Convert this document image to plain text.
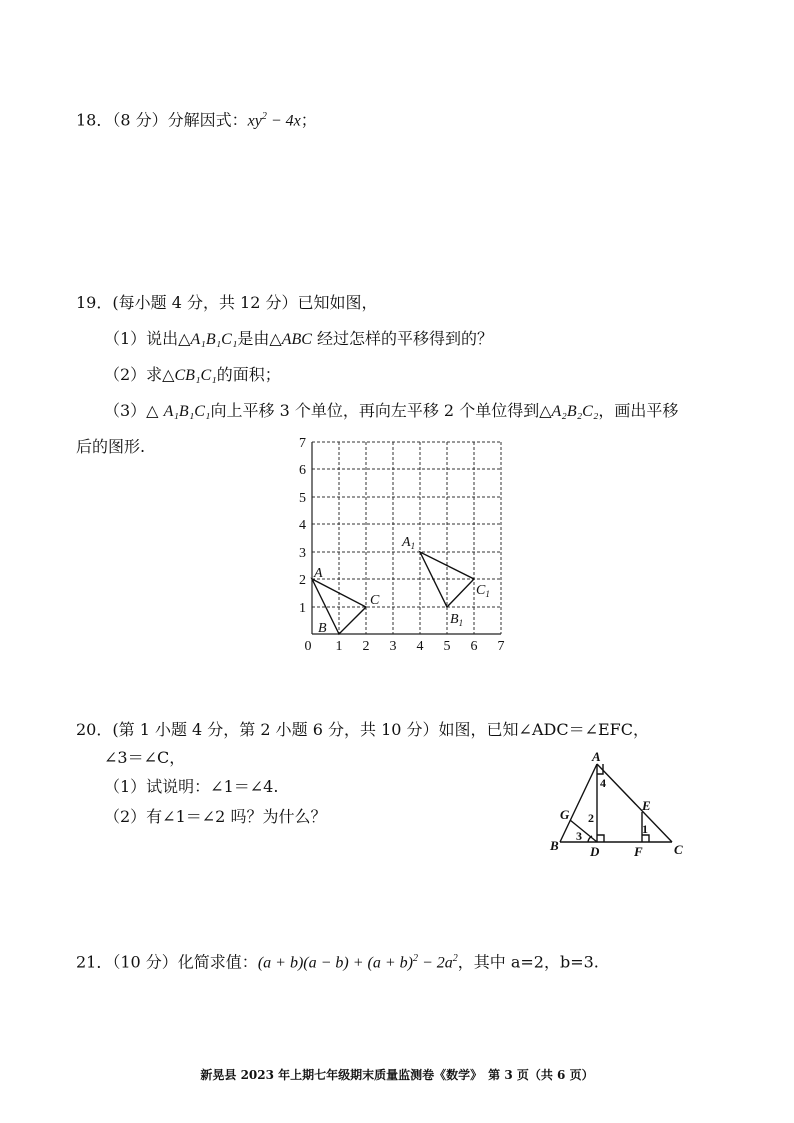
18．（8 分）分解因式：$xy^2 - 4x$；
19．(每小题 4 分，共 12 分）已知如图，
（1）说出△A₁B₁C₁是由△ABC 经过怎样的平移得到的？
（2）求△CB₁C₁的面积；
（3）△ A₁B₁C₁向上平移 3 个单位，再向左平移 2 个单位得到△A₂B₂C₂，画出平移
后的图形.
0 1 2 3 4 5 6 7
1
2
3
4
5
6
7
A
B
C
$A_1$
$B_1$
$C_1$
20．(第 1 小题 4 分，第 2 小题 6 分，共 10 分）如图，已知∠ADC＝∠EFC，
∠3＝∠C，
（1）试说明：∠1＝∠4.
（2）有∠1＝∠2 吗？为什么？
A
B	C
D
E
F
G
1
2
3
4
21．（10 分）化简求值：$(a + b)(a - b) + (a + b)^2 - 2a^2$，其中 a=2，b=3.
新晃县 2023 年上期七年级期末质量监测卷《数学》　第 3 页（共 6 页）
